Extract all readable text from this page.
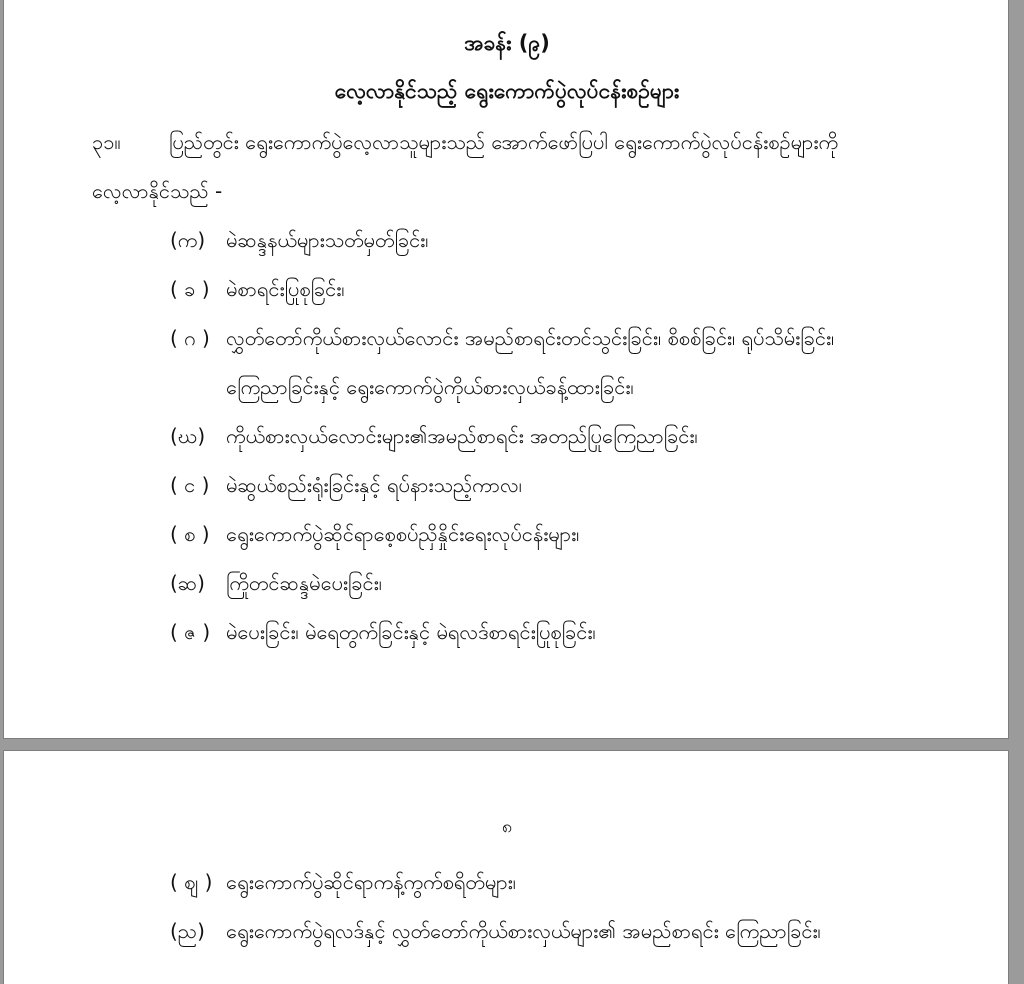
အခန်း (၉)
လေ့လာနိုင်သည့် ရွေးကောက်ပွဲလုပ်ငန်းစဉ်များ
၃၁။ ပြည်တွင်း ရွေးကောက်ပွဲလေ့လာသူများသည် အောက်ဖော်ပြပါ ရွေးကောက်ပွဲလုပ်ငန်းစဉ်များကို
လေ့လာနိုင်သည် -
(က)	မဲဆန္ဒနယ်များသတ်မှတ်ခြင်း၊
( ခ ) မဲစာရင်းပြုစုခြင်း၊
( ဂ ) လွှတ်တော်ကိုယ်စားလှယ်လောင်း အမည်စာရင်းတင်သွင်းခြင်း၊ စိစစ်ခြင်း၊ ရုပ်သိမ်းခြင်း၊
ကြေညာခြင်းနှင့် ရွေးကောက်ပွဲကိုယ်စားလှယ်ခန့်ထားခြင်း၊
(ဃ)	ကိုယ်စားလှယ်လောင်းများ၏အမည်စာရင်း အတည်ပြုကြေညာခြင်း၊
( င ) မဲဆွယ်စည်းရုံးခြင်းနှင့် ရပ်နားသည့်ကာလ၊
( စ ) ရွေးကောက်ပွဲဆိုင်ရာစေ့စပ်ညှိနှိုင်းရေးလုပ်ငန်းများ၊
(ဆ)	ကြိုတင်ဆန္ဒမဲပေးခြင်း၊
( ဇ ) မဲပေးခြင်း၊ မဲရေတွက်ခြင်းနှင့် မဲရလဒ်စာရင်းပြုစုခြင်း၊
၈
( ဈ ) ရွေးကောက်ပွဲဆိုင်ရာကန့်ကွက်စရိတ်များ၊
(ည)	ရွေးကောက်ပွဲရလဒ်နှင့် လွှတ်တော်ကိုယ်စားလှယ်များ၏ အမည်စာရင်း ကြေညာခြင်း၊
